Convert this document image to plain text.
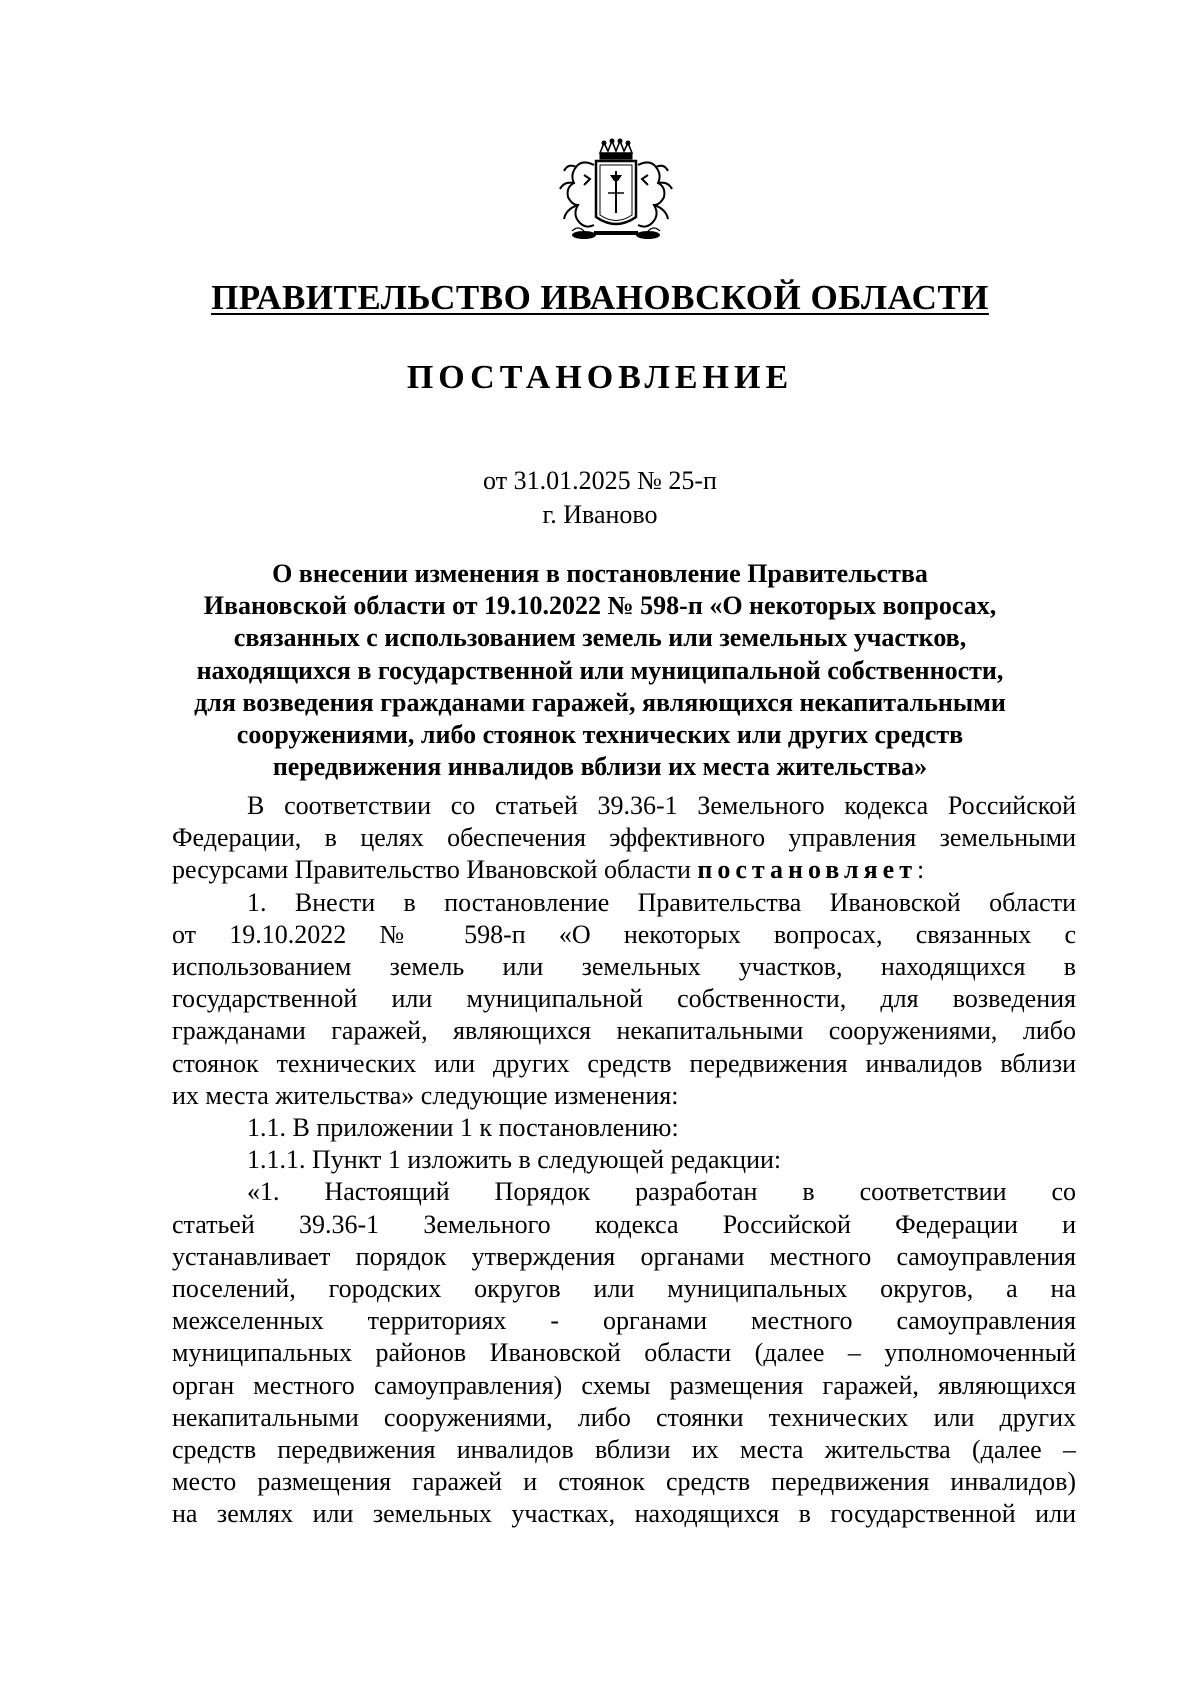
ПРАВИТЕЛЬСТВО ИВАНОВСКОЙ ОБЛАСТИ
ПОСТАНОВЛЕНИЕ
от 31.01.2025 № 25-п
г. Иваново
О внесении изменения в постановление Правительства
Ивановской области от 19.10.2022 № 598-п «О некоторых вопросах,
связанных с использованием земель или земельных участков,
находящихся в государственной или муниципальной собственности,
для возведения гражданами гаражей, являющихся некапитальными
сооружениями, либо стоянок технических или других средств
передвижения инвалидов вблизи их места жительства»
В соответствии со статьей 39.36-1 Земельного кодекса Российской
Федерации, в целях обеспечения эффективного управления земельными
ресурсами Правительство Ивановской области постановляет:
1. Внести в постановление Правительства Ивановской области
от 19.10.2022 № 598-п «О некоторых вопросах, связанных с
использованием земель или земельных участков, находящихся в
государственной или муниципальной собственности, для возведения
гражданами гаражей, являющихся некапитальными сооружениями, либо
стоянок технических или других средств передвижения инвалидов вблизи
их места жительства» следующие изменения:
1.1. В приложении 1 к постановлению:
1.1.1. Пункт 1 изложить в следующей редакции:
«1. Настоящий Порядок разработан в соответствии со
статьей 39.36-1 Земельного кодекса Российской Федерации и
устанавливает порядок утверждения органами местного самоуправления
поселений, городских округов или муниципальных округов, а на
межселенных территориях - органами местного самоуправления
муниципальных районов Ивановской области (далее – уполномоченный
орган местного самоуправления) схемы размещения гаражей, являющихся
некапитальными сооружениями, либо стоянки технических или других
средств передвижения инвалидов вблизи их места жительства (далее –
место размещения гаражей и стоянок средств передвижения инвалидов)
на землях или земельных участках, находящихся в государственной или
